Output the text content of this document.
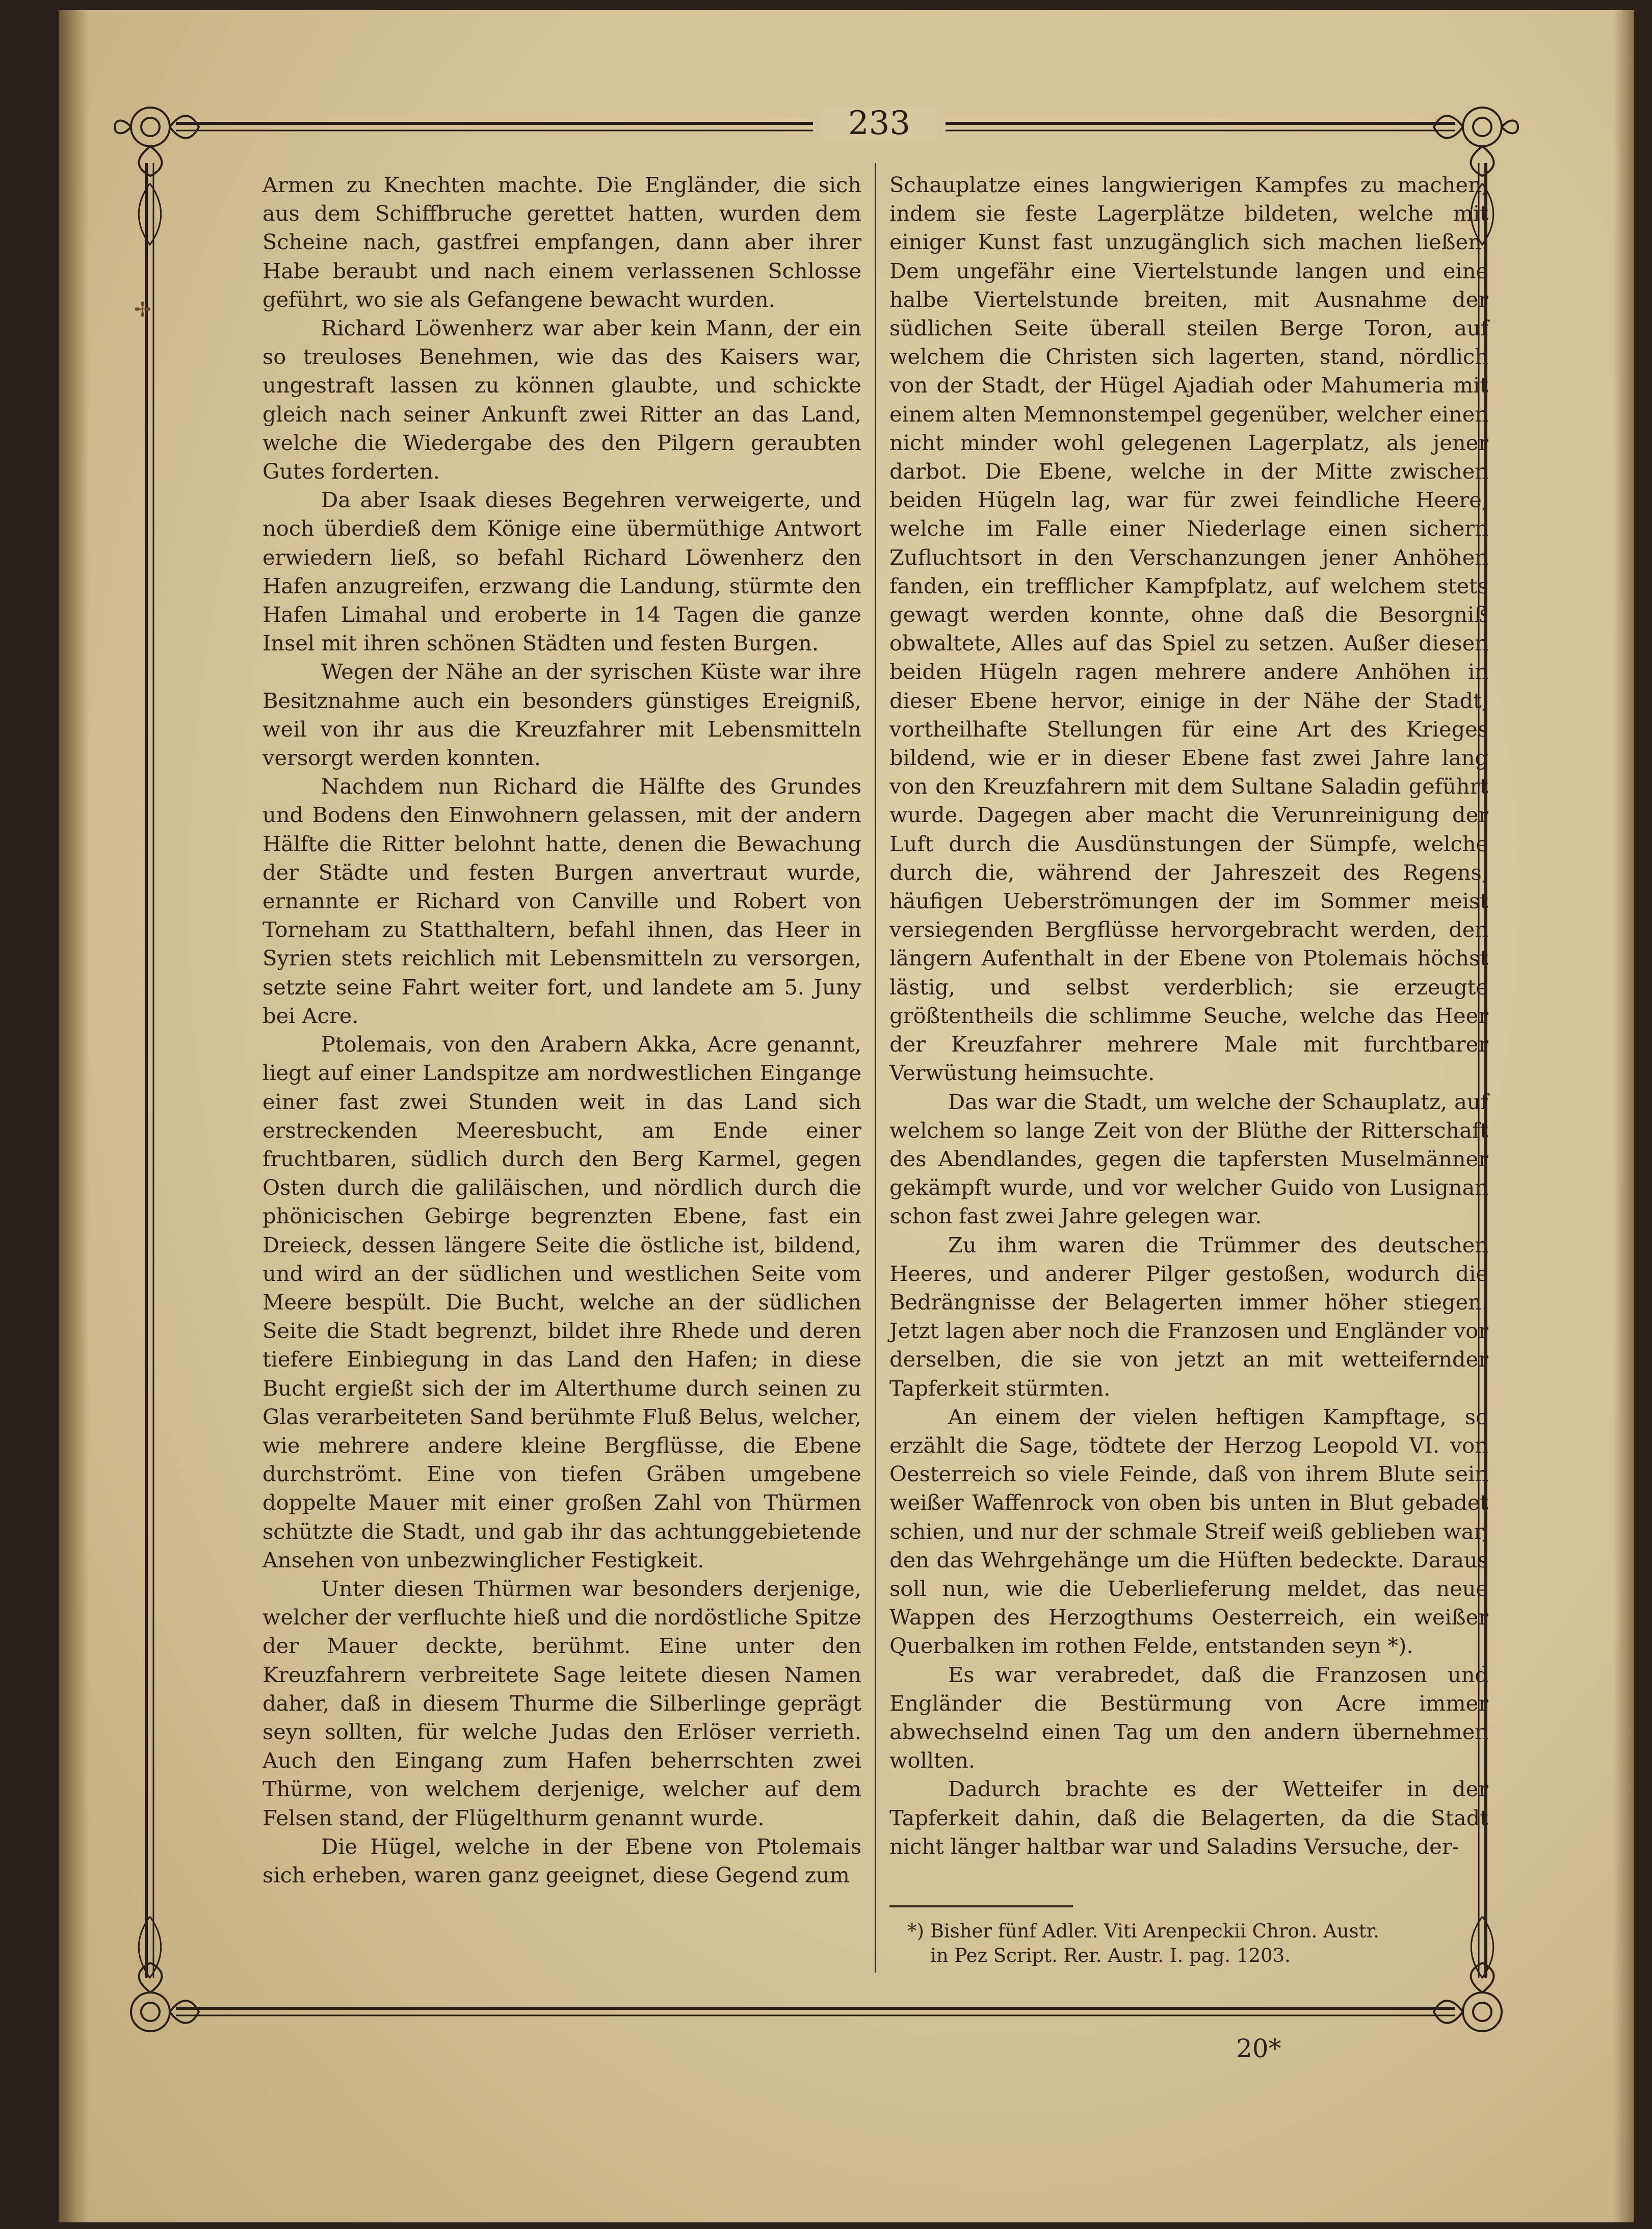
233
✢

Armen zu Knechten machte. Die Engländer, die sich aus dem Schiffbruche gerettet hatten, wurden dem Scheine nach, gastfrei empfangen, dann aber ihrer Habe beraubt und nach einem verlassenen Schlosse geführt, wo sie als Gefangene bewacht wurden.

Richard Löwenherz war aber kein Mann, der ein so treuloses Benehmen, wie das des Kaisers war, ungestraft lassen zu können glaubte, und schickte gleich nach seiner Ankunft zwei Ritter an das Land, welche die Wiedergabe des den Pilgern geraubten Gutes forderten.

Da aber Isaak dieses Begehren verweigerte, und noch überdieß dem Könige eine übermüthige Antwort erwiedern ließ, so befahl Richard Löwenherz den Hafen anzugreifen, erzwang die Landung, stürmte den Hafen Limahal und eroberte in 14 Tagen die ganze Insel mit ihren schönen Städten und festen Burgen.

Wegen der Nähe an der syrischen Küste war ihre Besitznahme auch ein besonders günstiges Ereigniß, weil von ihr aus die Kreuzfahrer mit Lebensmitteln versorgt werden konnten.

Nachdem nun Richard die Hälfte des Grundes und Bodens den Einwohnern gelassen, mit der andern Hälfte die Ritter belohnt hatte, denen die Bewachung der Städte und festen Burgen anvertraut wurde, ernannte er Richard von Canville und Robert von Torneham zu Statthaltern, befahl ihnen, das Heer in Syrien stets reichlich mit Lebensmitteln zu versorgen, setzte seine Fahrt weiter fort, und landete am 5. Juny bei Acre.

Ptolemais, von den Arabern Akka, Acre genannt, liegt auf einer Landspitze am nordwestlichen Eingange einer fast zwei Stunden weit in das Land sich erstreckenden Meeresbucht, am Ende einer fruchtbaren, südlich durch den Berg Karmel, gegen Osten durch die galiläischen, und nördlich durch die phönicischen Gebirge begrenzten Ebene, fast ein Dreieck, dessen längere Seite die östliche ist, bildend, und wird an der südlichen und westlichen Seite vom Meere bespült. Die Bucht, welche an der südlichen Seite die Stadt begrenzt, bildet ihre Rhede und deren tiefere Einbiegung in das Land den Hafen; in diese Bucht ergießt sich der im Alterthume durch seinen zu Glas verarbeiteten Sand berühmte Fluß Belus, welcher, wie mehrere andere kleine Bergflüsse, die Ebene durchströmt. Eine von tiefen Gräben umgebene doppelte Mauer mit einer großen Zahl von Thürmen schützte die Stadt, und gab ihr das achtunggebietende Ansehen von unbezwinglicher Festigkeit.

Unter diesen Thürmen war besonders derjenige, welcher der verfluchte hieß und die nordöstliche Spitze der Mauer deckte, berühmt. Eine unter den Kreuzfahrern verbreitete Sage leitete diesen Namen daher, daß in diesem Thurme die Silberlinge geprägt seyn sollten, für welche Judas den Erlöser verrieth. Auch den Eingang zum Hafen beherrschten zwei Thürme, von welchem derjenige, welcher auf dem Felsen stand, der Flügelthurm genannt wurde.

Die Hügel, welche in der Ebene von Ptolemais sich erheben, waren ganz geeignet, diese Gegend zum

Schauplatze eines langwierigen Kampfes zu machen, indem sie feste Lagerplätze bildeten, welche mit einiger Kunst fast unzugänglich sich machen ließen. Dem ungefähr eine Viertelstunde langen und eine halbe Viertelstunde breiten, mit Ausnahme der südlichen Seite überall steilen Berge Toron, auf welchem die Christen sich lagerten, stand, nördlich von der Stadt, der Hügel Ajadiah oder Mahumeria mit einem alten Memnonstempel gegenüber, welcher einen nicht minder wohl gelegenen Lagerplatz, als jener darbot. Die Ebene, welche in der Mitte zwischen beiden Hügeln lag, war für zwei feindliche Heere, welche im Falle einer Niederlage einen sichern Zufluchtsort in den Verschanzungen jener Anhöhen fanden, ein trefflicher Kampfplatz, auf welchem stets gewagt werden konnte, ohne daß die Besorgniß obwaltete, Alles auf das Spiel zu setzen. Außer diesen beiden Hügeln ragen mehrere andere Anhöhen in dieser Ebene hervor, einige in der Nähe der Stadt, vortheilhafte Stellungen für eine Art des Krieges bildend, wie er in dieser Ebene fast zwei Jahre lang von den Kreuzfahrern mit dem Sultane Saladin geführt wurde. Dagegen aber macht die Verunreinigung der Luft durch die Ausdünstungen der Sümpfe, welche durch die, während der Jahreszeit des Regens, häufigen Ueberströmungen der im Sommer meist versiegenden Bergflüsse hervorgebracht werden, den längern Aufenthalt in der Ebene von Ptolemais höchst lästig, und selbst verderblich; sie erzeugte größtentheils die schlimme Seuche, welche das Heer der Kreuzfahrer mehrere Male mit furchtbarer Verwüstung heimsuchte.

Das war die Stadt, um welche der Schauplatz, auf welchem so lange Zeit von der Blüthe der Ritterschaft des Abendlandes, gegen die tapfersten Muselmänner gekämpft wurde, und vor welcher Guido von Lusignan schon fast zwei Jahre gelegen war.

Zu ihm waren die Trümmer des deutschen Heeres, und anderer Pilger gestoßen, wodurch die Bedrängnisse der Belagerten immer höher stiegen. Jetzt lagen aber noch die Franzosen und Engländer vor derselben, die sie von jetzt an mit wetteifernder Tapferkeit stürmten.

An einem der vielen heftigen Kampftage, so erzählt die Sage, tödtete der Herzog Leopold VI. von Oesterreich so viele Feinde, daß von ihrem Blute sein weißer Waffenrock von oben bis unten in Blut gebadet schien, und nur der schmale Streif weiß geblieben war, den das Wehrgehänge um die Hüften bedeckte. Daraus soll nun, wie die Ueberlieferung meldet, das neue Wappen des Herzogthums Oesterreich, ein weißer Querbalken im rothen Felde, entstanden seyn *).

Es war verabredet, daß die Franzosen und Engländer die Bestürmung von Acre immer abwechselnd einen Tag um den andern übernehmen wollten.

Dadurch brachte es der Wetteifer in der Tapferkeit dahin, daß die Belagerten, da die Stadt nicht länger haltbar war und Saladins Versuche, der-

*) Bisher fünf Adler. Viti Arenpeckii Chron. Austr.

in Pez Script. Rer. Austr. I. pag. 1203.

20*
